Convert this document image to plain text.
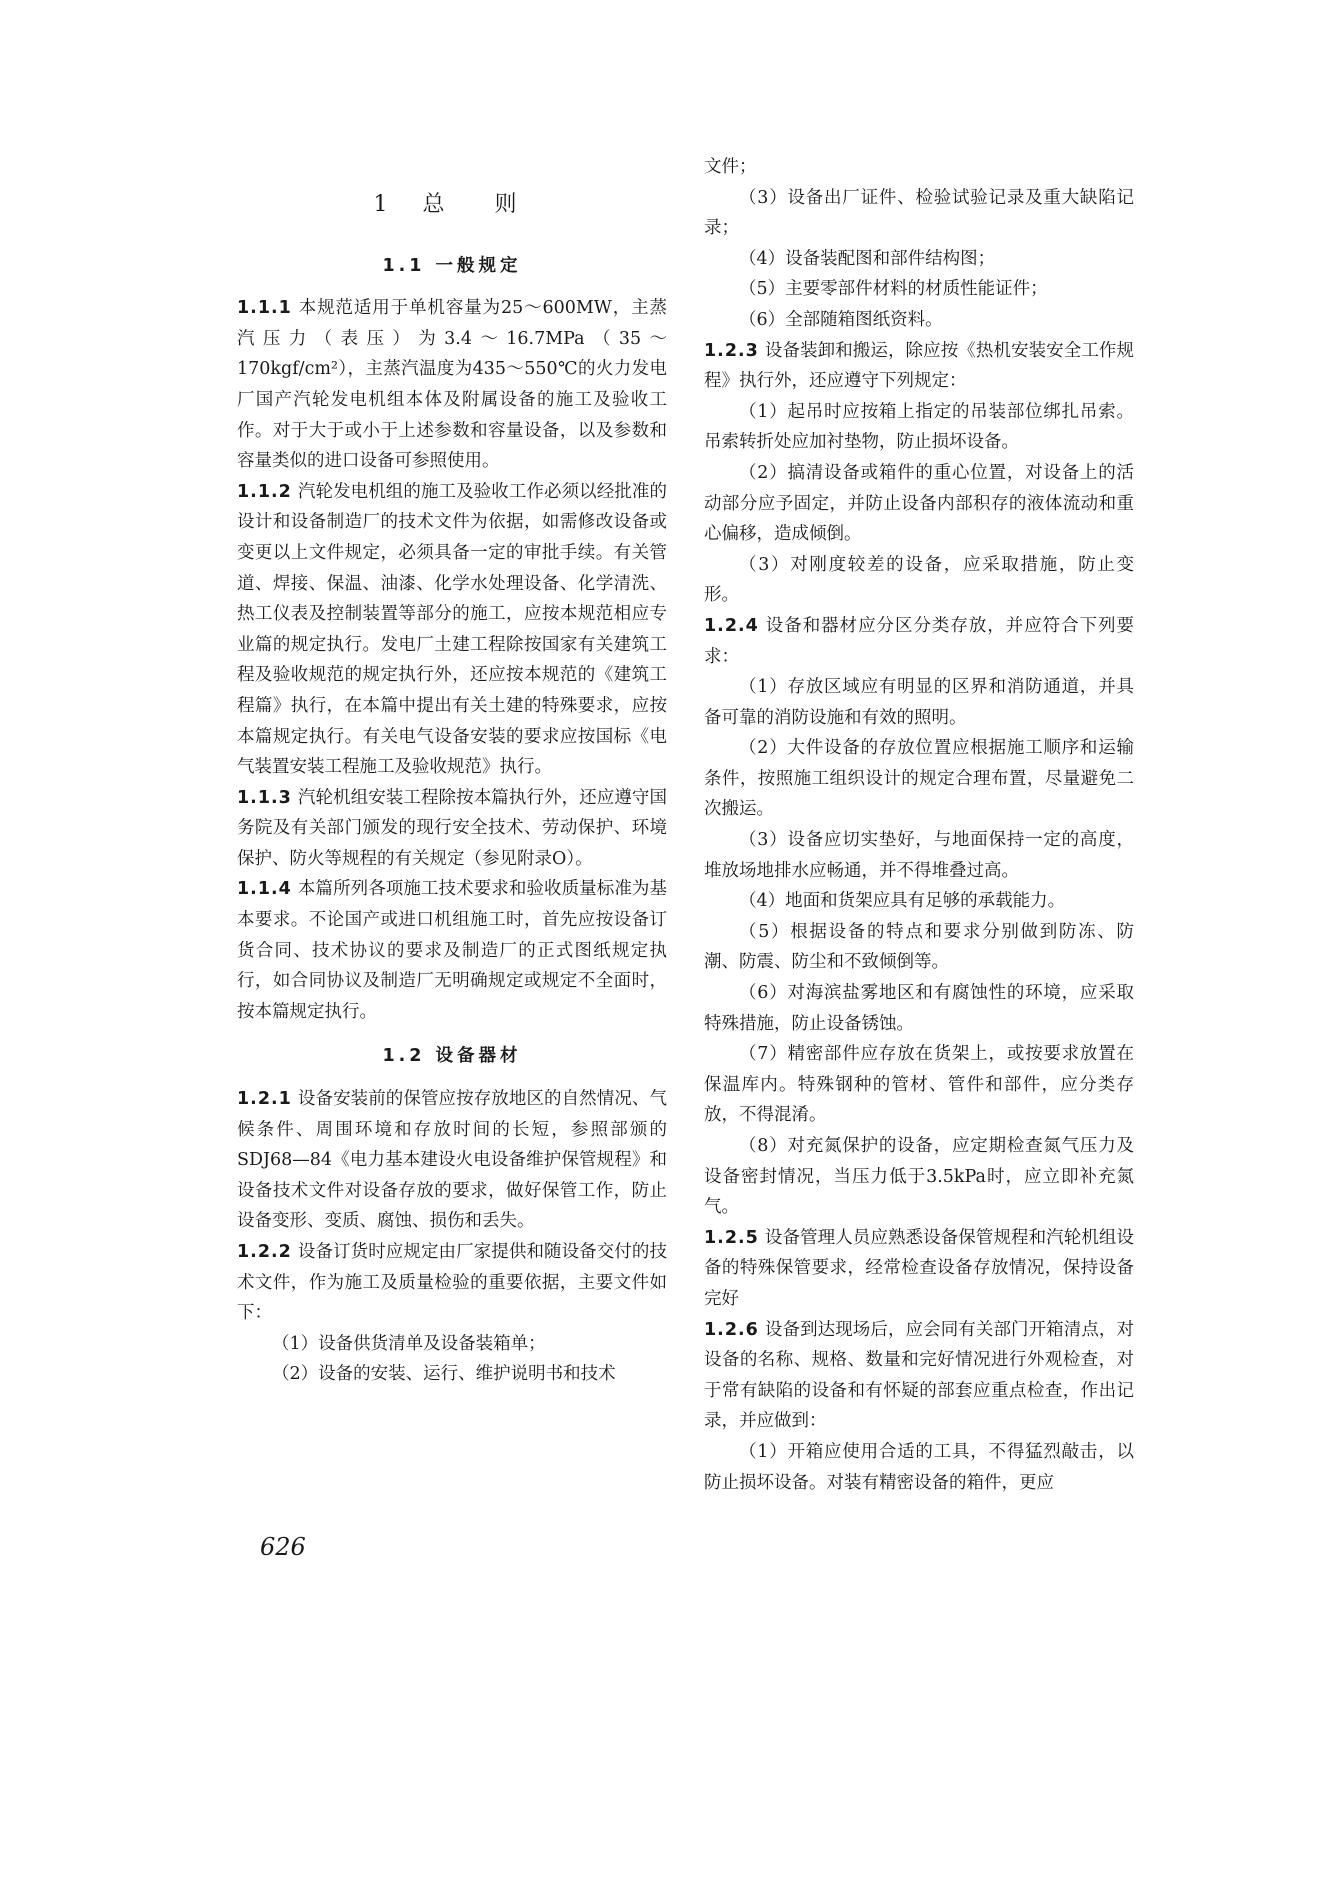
1 总　则
1.1 一般规定

1.1.1 本规范适用于单机容量为25～600MW，主蒸汽压力（表压）为3.4～16.7MPa（35～170kgf/cm²），主蒸汽温度为435～550℃的火力发电厂国产汽轮发电机组本体及附属设备的施工及验收工作。对于大于或小于上述参数和容量设备，以及参数和容量类似的进口设备可参照使用。

1.1.2 汽轮发电机组的施工及验收工作必须以经批准的设计和设备制造厂的技术文件为依据，如需修改设备或变更以上文件规定，必须具备一定的审批手续。有关管道、焊接、保温、油漆、化学水处理设备、化学清洗、热工仪表及控制装置等部分的施工，应按本规范相应专业篇的规定执行。发电厂土建工程除按国家有关建筑工程及验收规范的规定执行外，还应按本规范的《建筑工程篇》执行，在本篇中提出有关土建的特殊要求，应按本篇规定执行。有关电气设备安装的要求应按国标《电气装置安装工程施工及验收规范》执行。

1.1.3 汽轮机组安装工程除按本篇执行外，还应遵守国务院及有关部门颁发的现行安全技术、劳动保护、环境保护、防火等规程的有关规定（参见附录O）。

1.1.4 本篇所列各项施工技术要求和验收质量标准为基本要求。不论国产或进口机组施工时，首先应按设备订货合同、技术协议的要求及制造厂的正式图纸规定执行，如合同协议及制造厂无明确规定或规定不全面时，按本篇规定执行。

1.2 设备器材

1.2.1 设备安装前的保管应按存放地区的自然情况、气候条件、周围环境和存放时间的长短，参照部颁的SDJ68—84《电力基本建设火电设备维护保管规程》和设备技术文件对设备存放的要求，做好保管工作，防止设备变形、变质、腐蚀、损伤和丢失。

1.2.2 设备订货时应规定由厂家提供和随设备交付的技术文件，作为施工及质量检验的重要依据，主要文件如下：

（1）设备供货清单及设备装箱单；

（2）设备的安装、运行、维护说明书和技术

文件；

（3）设备出厂证件、检验试验记录及重大缺陷记录；

（4）设备装配图和部件结构图；

（5）主要零部件材料的材质性能证件；

（6）全部随箱图纸资料。

1.2.3 设备装卸和搬运，除应按《热机安装安全工作规程》执行外，还应遵守下列规定：

（1）起吊时应按箱上指定的吊装部位绑扎吊索。吊索转折处应加衬垫物，防止损坏设备。

（2）搞清设备或箱件的重心位置，对设备上的活动部分应予固定，并防止设备内部积存的液体流动和重心偏移，造成倾倒。

（3）对刚度较差的设备，应采取措施，防止变形。

1.2.4 设备和器材应分区分类存放，并应符合下列要求：

（1）存放区域应有明显的区界和消防通道，并具备可靠的消防设施和有效的照明。

（2）大件设备的存放位置应根据施工顺序和运输条件，按照施工组织设计的规定合理布置，尽量避免二次搬运。

（3）设备应切实垫好，与地面保持一定的高度，堆放场地排水应畅通，并不得堆叠过高。

（4）地面和货架应具有足够的承载能力。

（5）根据设备的特点和要求分别做到防冻、防潮、防震、防尘和不致倾倒等。

（6）对海滨盐雾地区和有腐蚀性的环境，应采取特殊措施，防止设备锈蚀。

（7）精密部件应存放在货架上，或按要求放置在保温库内。特殊钢种的管材、管件和部件，应分类存放，不得混淆。

（8）对充氮保护的设备，应定期检查氮气压力及设备密封情况，当压力低于3.5kPa时，应立即补充氮气。

1.2.5 设备管理人员应熟悉设备保管规程和汽轮机组设备的特殊保管要求，经常检查设备存放情况，保持设备完好

1.2.6 设备到达现场后，应会同有关部门开箱清点，对设备的名称、规格、数量和完好情况进行外观检查，对于常有缺陷的设备和有怀疑的部套应重点检查，作出记录，并应做到：

（1）开箱应使用合适的工具，不得猛烈敲击，以防止损坏设备。对装有精密设备的箱件，更应

626
